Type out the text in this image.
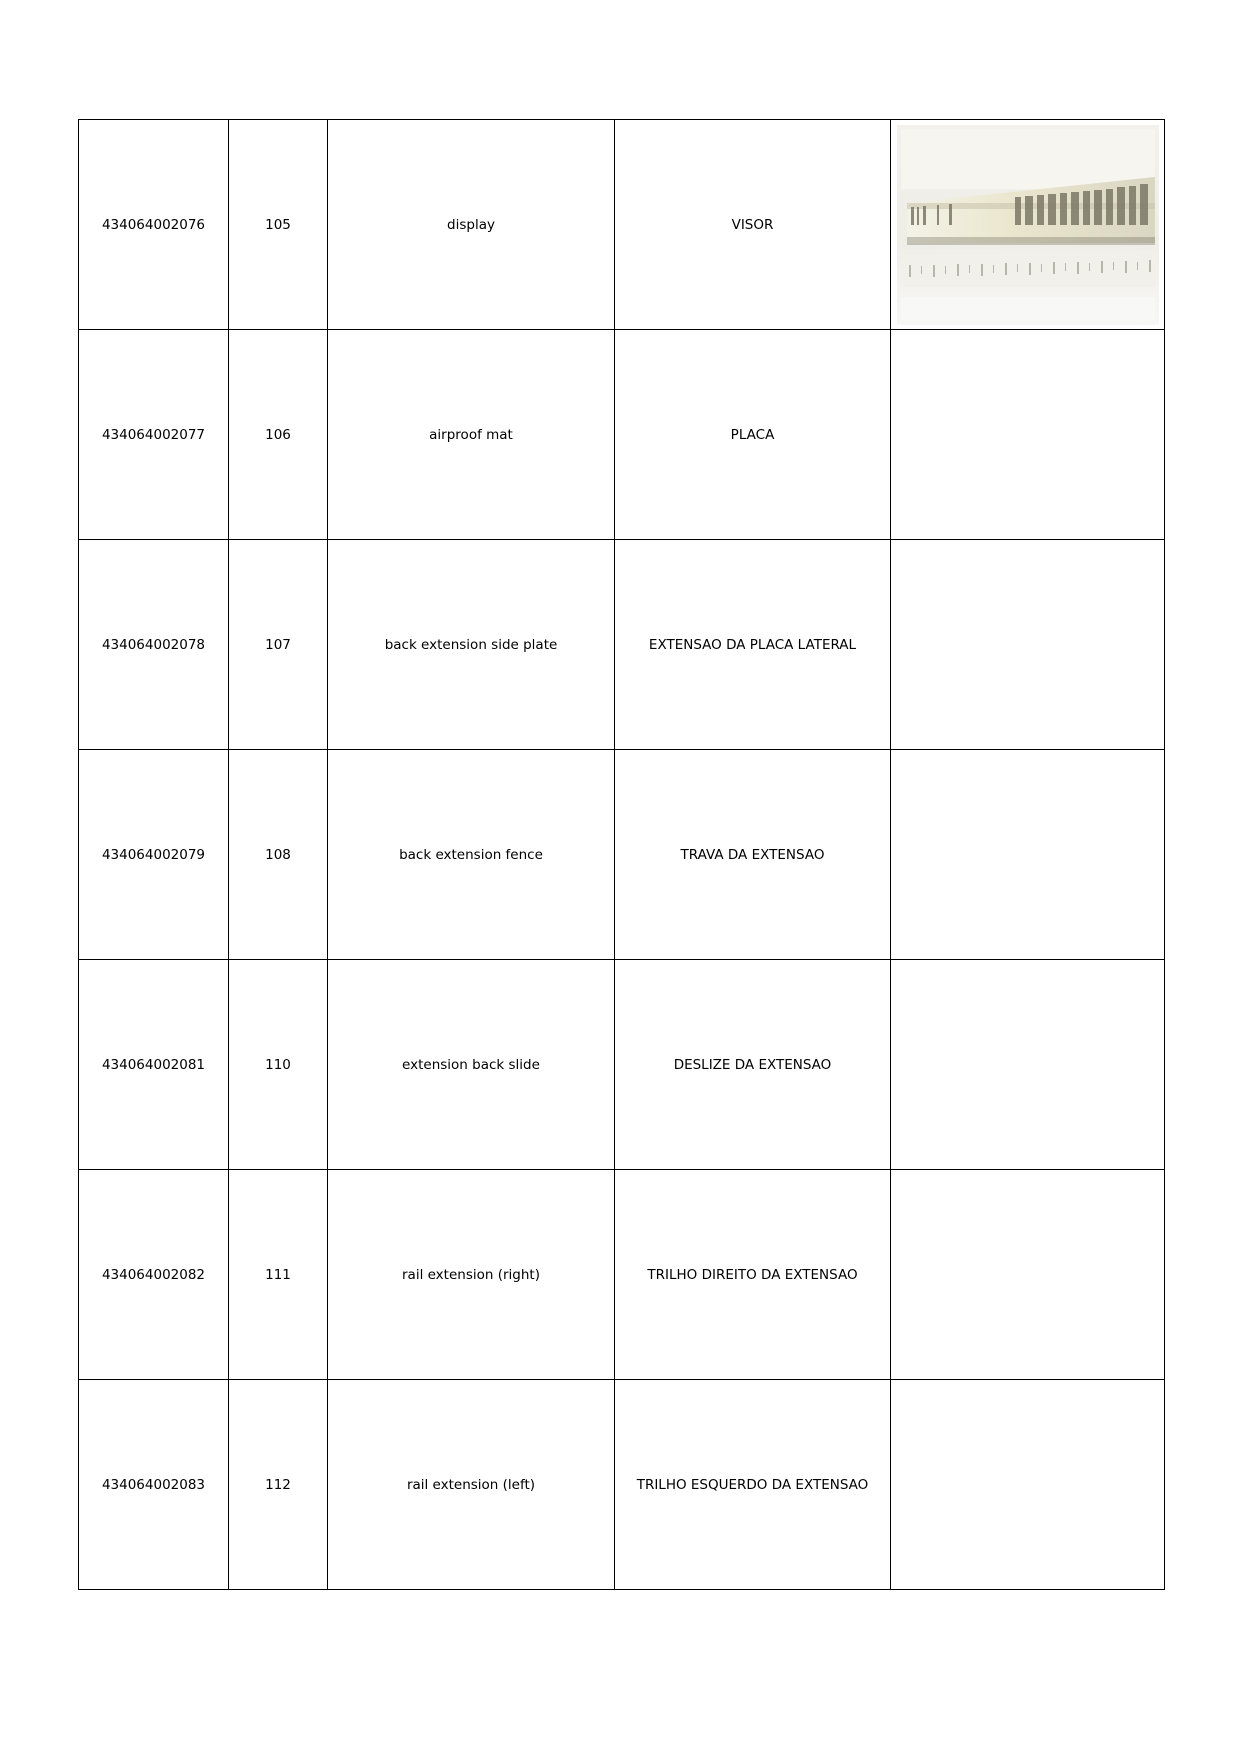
434064002076	105	display	VISOR	

434064002077	106	airproof mat	PLACA	
434064002078	107	back extension side plate	EXTENSAO DA PLACA LATERAL	
434064002079	108	back extension fence	TRAVA DA EXTENSAO	
434064002081	110	extension back slide	DESLIZE DA EXTENSAO	
434064002082	111	rail extension (right)	TRILHO DIREITO DA EXTENSAO	
434064002083	112	rail extension (left)	TRILHO ESQUERDO DA EXTENSAO	
